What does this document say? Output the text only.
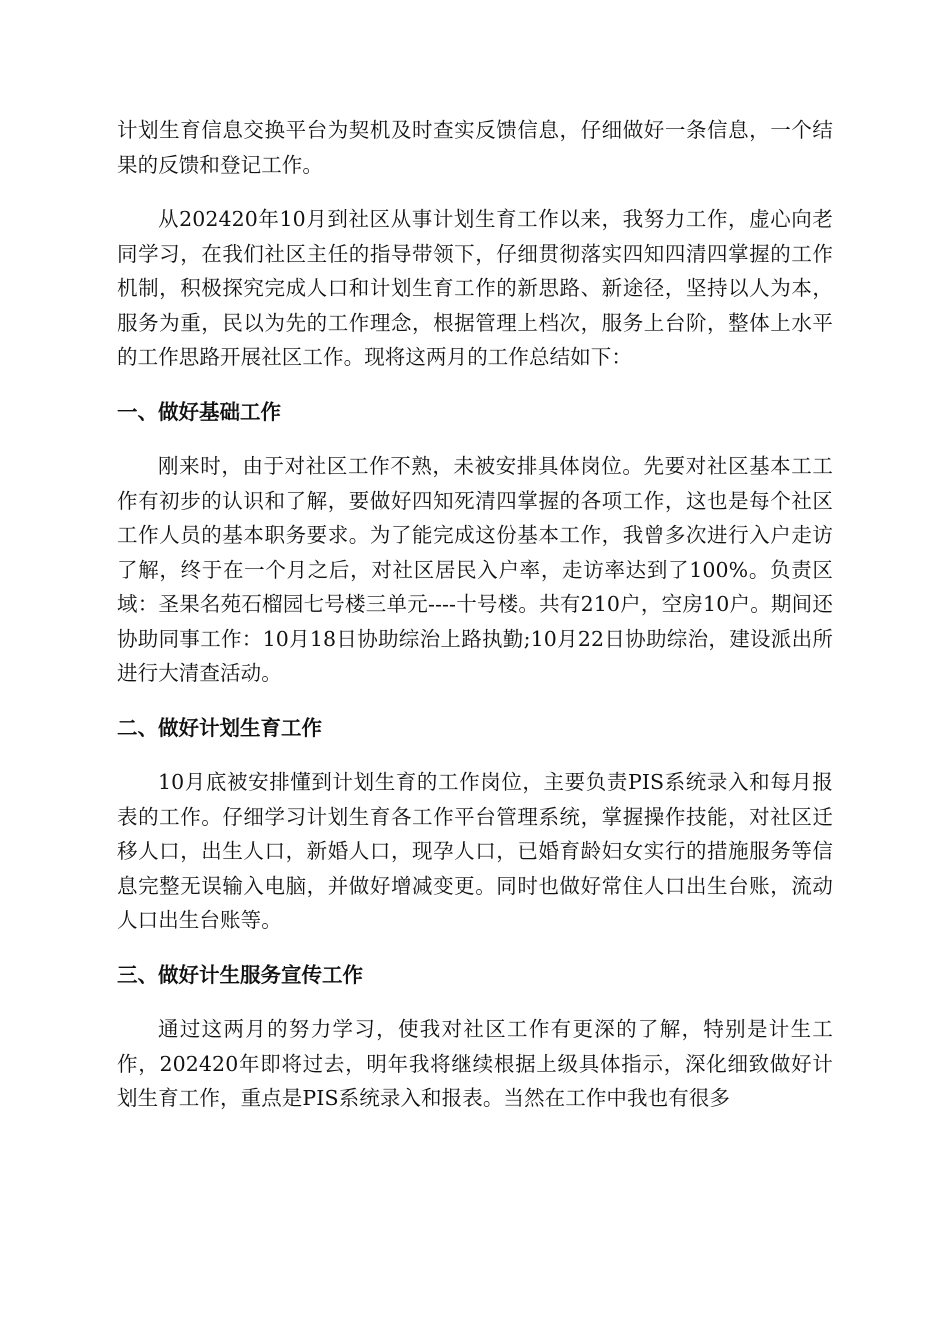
计划生育信息交换平台为契机及时查实反馈信息，仔细做好一条信息，一个结果的反馈和登记工作。

从202420年10月到社区从事计划生育工作以来，我努力工作，虚心向老同学习，在我们社区主任的指导带领下，仔细贯彻落实四知四清四掌握的工作机制，积极探究完成人口和计划生育工作的新思路、新途径，坚持以人为本，服务为重，民以为先的工作理念，根据管理上档次，服务上台阶，整体上水平的工作思路开展社区工作。现将这两月的工作总结如下：

一、做好基础工作

刚来时，由于对社区工作不熟，未被安排具体岗位。先要对社区基本工工作有初步的认识和了解，要做好四知死清四掌握的各项工作，这也是每个社区工作人员的基本职务要求。为了能完成这份基本工作，我曾多次进行入户走访了解，终于在一个月之后，对社区居民入户率，走访率达到了100%。负责区域：圣果名苑石榴园七号楼三单元----十号楼。共有210户，空房10户。期间还协助同事工作：10月18日协助综治上路执勤;10月22日协助综治，建设派出所进行大清查活动。

二、做好计划生育工作

10月底被安排懂到计划生育的工作岗位，主要负责PIS系统录入和每月报表的工作。仔细学习计划生育各工作平台管理系统，掌握操作技能，对社区迁移人口，出生人口，新婚人口，现孕人口，已婚育龄妇女实行的措施服务等信息完整无误输入电脑，并做好增减变更。同时也做好常住人口出生台账，流动人口出生台账等。

三、做好计生服务宣传工作

通过这两月的努力学习，使我对社区工作有更深的了解，特别是计生工作，202420年即将过去，明年我将继续根据上级具体指示，深化细致做好计划生育工作，重点是PIS系统录入和报表。当然在工作中我也有很多
